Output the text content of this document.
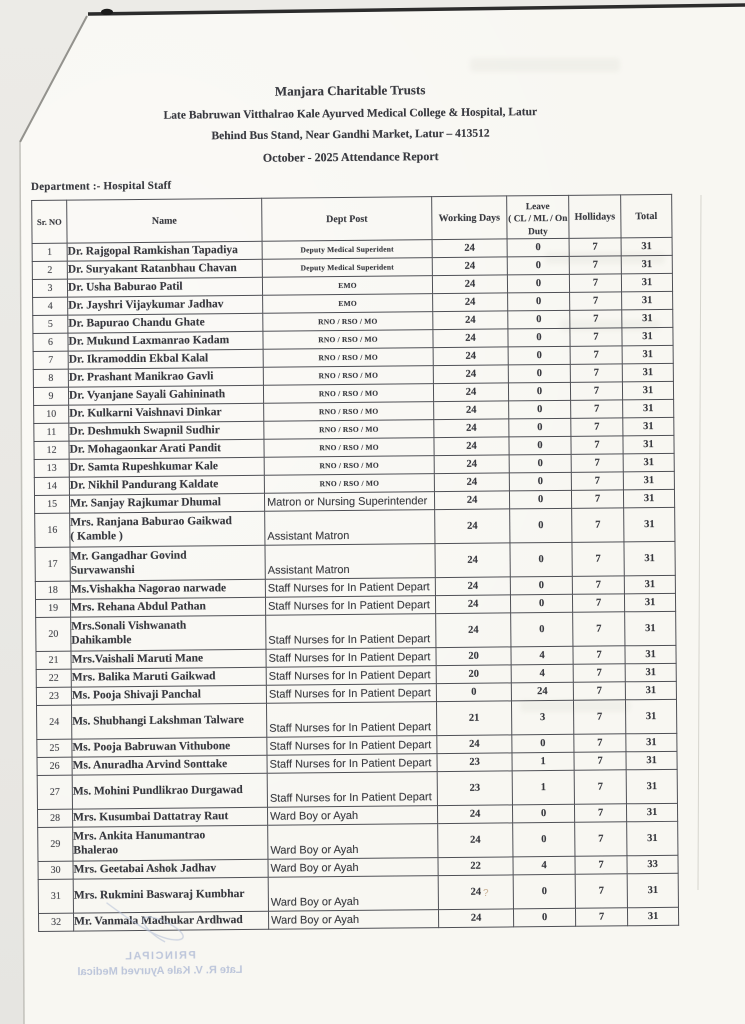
Manjara Charitable Trusts
Late Babruwan Vitthalrao Kale Ayurved Medical College & Hospital, Latur
Behind Bus Stand, Near Gandhi Market, Latur – 413512
October - 2025 Attendance Report
Department :- Hospital Staff
Sr. NO	Name	Dept Post	Working Days	Leave
( CL / ML / On
Duty	Hollidays	Total
1	Dr. Rajgopal Ramkishan Tapadiya	Deputy Medical Superident	24	0	7	31
2	Dr. Suryakant Ratanbhau Chavan	Deputy Medical Superident	24	0	7	31
3	Dr. Usha Baburao Patil	EMO	24	0	7	31
4	Dr. Jayshri Vijaykumar Jadhav	EMO	24	0	7	31
5	Dr. Bapurao Chandu Ghate	RNO / RSO / MO	24	0	7	31
6	Dr. Mukund Laxmanrao Kadam	RNO / RSO / MO	24	0	7	31
7	Dr. Ikramoddin Ekbal Kalal	RNO / RSO / MO	24	0	7	31
8	Dr. Prashant Manikrao Gavli	RNO / RSO / MO	24	0	7	31
9	Dr. Vyanjane Sayali Gahininath	RNO / RSO / MO	24	0	7	31
10	Dr. Kulkarni Vaishnavi Dinkar	RNO / RSO / MO	24	0	7	31
11	Dr. Deshmukh Swapnil Sudhir	RNO / RSO / MO	24	0	7	31
12	Dr. Mohagaonkar Arati Pandit	RNO / RSO / MO	24	0	7	31
13	Dr. Samta Rupeshkumar Kale	RNO / RSO / MO	24	0	7	31
14	Dr. Nikhil Pandurang Kaldate	RNO / RSO / MO	24	0	7	31
15	Mr. Sanjay Rajkumar Dhumal	Matron or Nursing Superintender	24	0	7	31
16	Mrs. Ranjana Baburao Gaikwad
( Kamble )	Assistant Matron	24	0	7	31
17	Mr. Gangadhar Govind
Survawanshi	Assistant Matron	24	0	7	31
18	Ms.Vishakha Nagorao narwade	Staff Nurses for In Patient Depart	24	0	7	31
19	Mrs. Rehana Abdul Pathan	Staff Nurses for In Patient Depart	24	0	7	31
20	Mrs.Sonali Vishwanath
Dahikamble	Staff Nurses for In Patient Depart	24	0	7	31
21	Mrs.Vaishali Maruti Mane	Staff Nurses for In Patient Depart	20	4	7	31
22	Mrs. Balika Maruti Gaikwad	Staff Nurses for In Patient Depart	20	4	7	31
23	Ms. Pooja Shivaji Panchal	Staff Nurses for In Patient Depart	0	24	7	31
24	Ms. Shubhangi Lakshman Talware	Staff Nurses for In Patient Depart	21	3	7	31
25	Ms. Pooja Babruwan Vithubone	Staff Nurses for In Patient Depart	24	0	7	31
26	Ms. Anuradha Arvind Sonttake	Staff Nurses for In Patient Depart	23	1	7	31
27	Ms. Mohini Pundlikrao Durgawad	Staff Nurses for In Patient Depart	23	1	7	31
28	Mrs. Kusumbai Dattatray Raut	Ward Boy or Ayah	24	0	7	31
29	Mrs. Ankita Hanumantrao
Bhalerao	Ward Boy or Ayah	24	0	7	31
30	Mrs. Geetabai Ashok Jadhav	Ward Boy or Ayah	22	4	7	33
31	Mrs. Rukmini Baswaraj Kumbhar	Ward Boy or Ayah	24	0	7	31
32	Mr. Vanmala Madhukar Ardhwad	Ward Boy or Ayah	24	0	7	31
PRINCIPAL
Late R. V. Kale Ayurved Medical
?
